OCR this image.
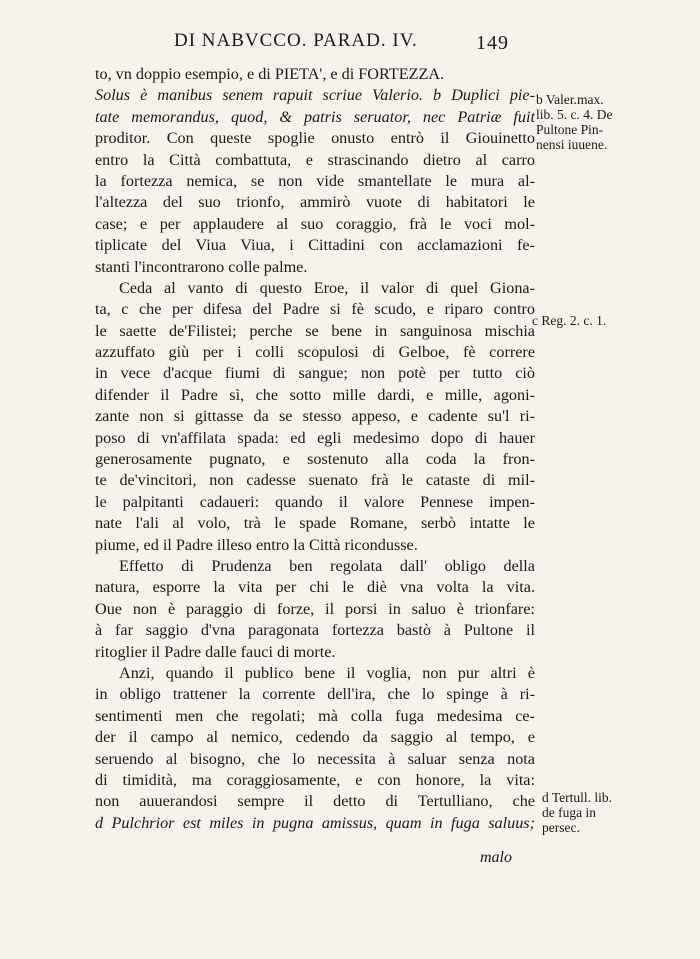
DI NABVCCO. PARAD. IV.	149
to, vn doppio esempio, e di PIETA', e di FORTEZZA.
Solus è manibus senem rapuit scriue Valerio. b Duplici pie-
tate memorandus, quod, & patris seruator, nec Patriæ fuit
proditor. Con queste spoglie onusto entrò il Giouinetto
entro la Città combattuta, e strascinando dietro al carro
la fortezza nemica, se non vide smantellate le mura al-
l'altezza del suo trionfo, ammirò vuote di habitatori le
case; e per applaudere al suo coraggio, frà le voci mol-
tiplicate del Viua Viua, i Cittadini con acclamazioni fe-
stanti l'incontrarono colle palme.
Ceda al vanto di questo Eroe, il valor di quel Giona-
ta, c che per difesa del Padre si fè scudo, e riparo contro
le saette de'Filistei; perche se bene in sanguinosa mischia
azzuffato giù per i colli scopulosi di Gelboe, fè correre
in vece d'acque fiumi di sangue; non potè per tutto ciò
difender il Padre sì, che sotto mille dardi, e mille, agoni-
zante non si gittasse da se stesso appeso, e cadente su'l ri-
poso di vn'affilata spada: ed egli medesimo dopo di hauer
generosamente pugnato, e sostenuto alla coda la fron-
te de'vincitori, non cadesse suenato frà le cataste di mil-
le palpitanti cadaueri: quando il valore Pennese impen-
nate l'ali al volo, trà le spade Romane, serbò intatte le
piume, ed il Padre illeso entro la Città ricondusse.
Effetto di Prudenza ben regolata dall' obligo della
natura, esporre la vita per chi le diè vna volta la vita.
Oue non è paraggio di forze, il porsi in saluo è trionfare:
à far saggio d'vna paragonata fortezza bastò à Pultone il
ritoglier il Padre dalle fauci di morte.
Anzi, quando il publico bene il voglia, non pur altri è
in obligo trattener la corrente dell'ira, che lo spinge à ri-
sentimenti men che regolati; mà colla fuga medesima ce-
der il campo al nemico, cedendo da saggio al tempo, e
seruendo al bisogno, che lo necessita à saluar senza nota
di timidità, ma coraggiosamente, e con honore, la vita:
non auuerandosi sempre il detto di Tertulliano, che
d Pulchrior est miles in pugna amissus, quam in fuga saluus;
malo
b Valer.max.
lib. 5. c. 4. De
Pultone Pin-
nensi iuuene.
c Reg. 2. c. 1.
d Tertull. lib.
de fuga in
persec.
